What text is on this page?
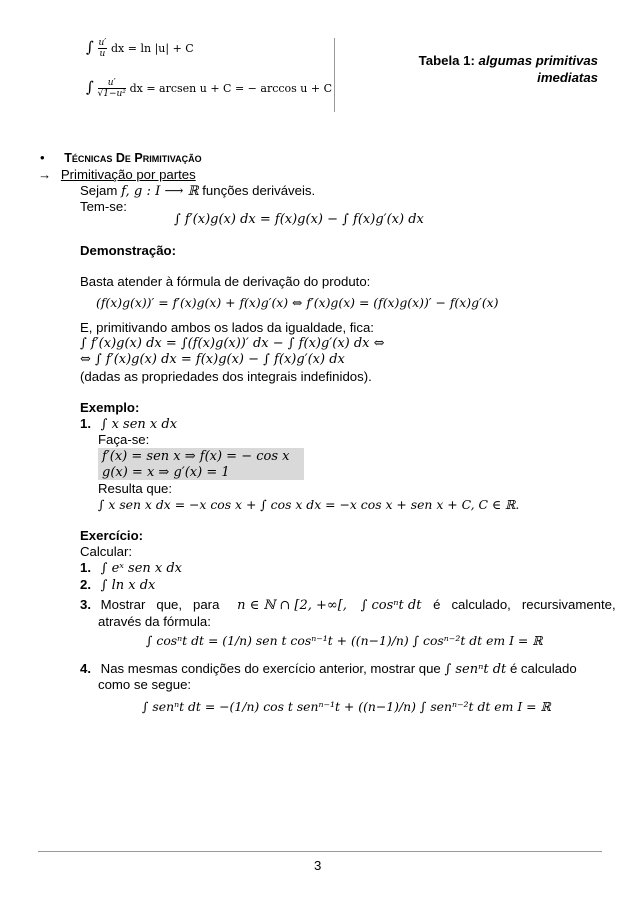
∫ $\frac{u'}{u}$ dx = ln |u| + C
∫ $\frac{u'}{\text{√1−u²}}$ dx = arcsen u + C = − arccos u + C
Tabela 1: algumas primitivas
imediatas
• Técnicas De Primitivação
→ Primitivação por partes
Sejam f, g : I ⟶ ℝ funções deriváveis.
Tem-se:
∫ f′(x)g(x) dx = f(x)g(x) − ∫ f(x)g′(x) dx
Demonstração:
Basta atender à fórmula de derivação do produto:
(f(x)g(x))′ = f′(x)g(x) + f(x)g′(x) ⇔ f′(x)g(x) = (f(x)g(x))′ − f(x)g′(x)
E, primitivando ambos os lados da igualdade, fica:
∫ f′(x)g(x) dx = ∫(f(x)g(x))′ dx − ∫ f(x)g′(x) dx ⇔
⇔ ∫ f′(x)g(x) dx = f(x)g(x) − ∫ f(x)g′(x) dx
(dadas as propriedades dos integrais indefinidos).
Exemplo:
1. ∫ x sen x dx
Faça-se:
f′(x) = sen x ⇒ f(x) = − cos x
g(x) = x ⇒ g′(x) = 1
Resulta que:
∫ x sen x dx = −x cos x + ∫ cos x dx = −x cos x + sen x + C, C ∈ ℝ.
Exercício:
Calcular:
1. ∫ eˣ sen x dx
2. ∫ ln x dx
3. Mostrar   que,   para n ∈ ℕ ∩ [2, +∞[, ∫ cosⁿt dt é   calculado,   recursivamente,
através da fórmula:
∫ cosⁿt dt = (1/n) sen t cosⁿ⁻¹t + ((n−1)/n) ∫ cosⁿ⁻²t dt em I = ℝ
4. Nas mesmas condições do exercício anterior, mostrar que ∫ senⁿt dt é calculado
como se segue:
∫ senⁿt dt = −(1/n) cos t senⁿ⁻¹t + ((n−1)/n) ∫ senⁿ⁻²t dt em I = ℝ
3
